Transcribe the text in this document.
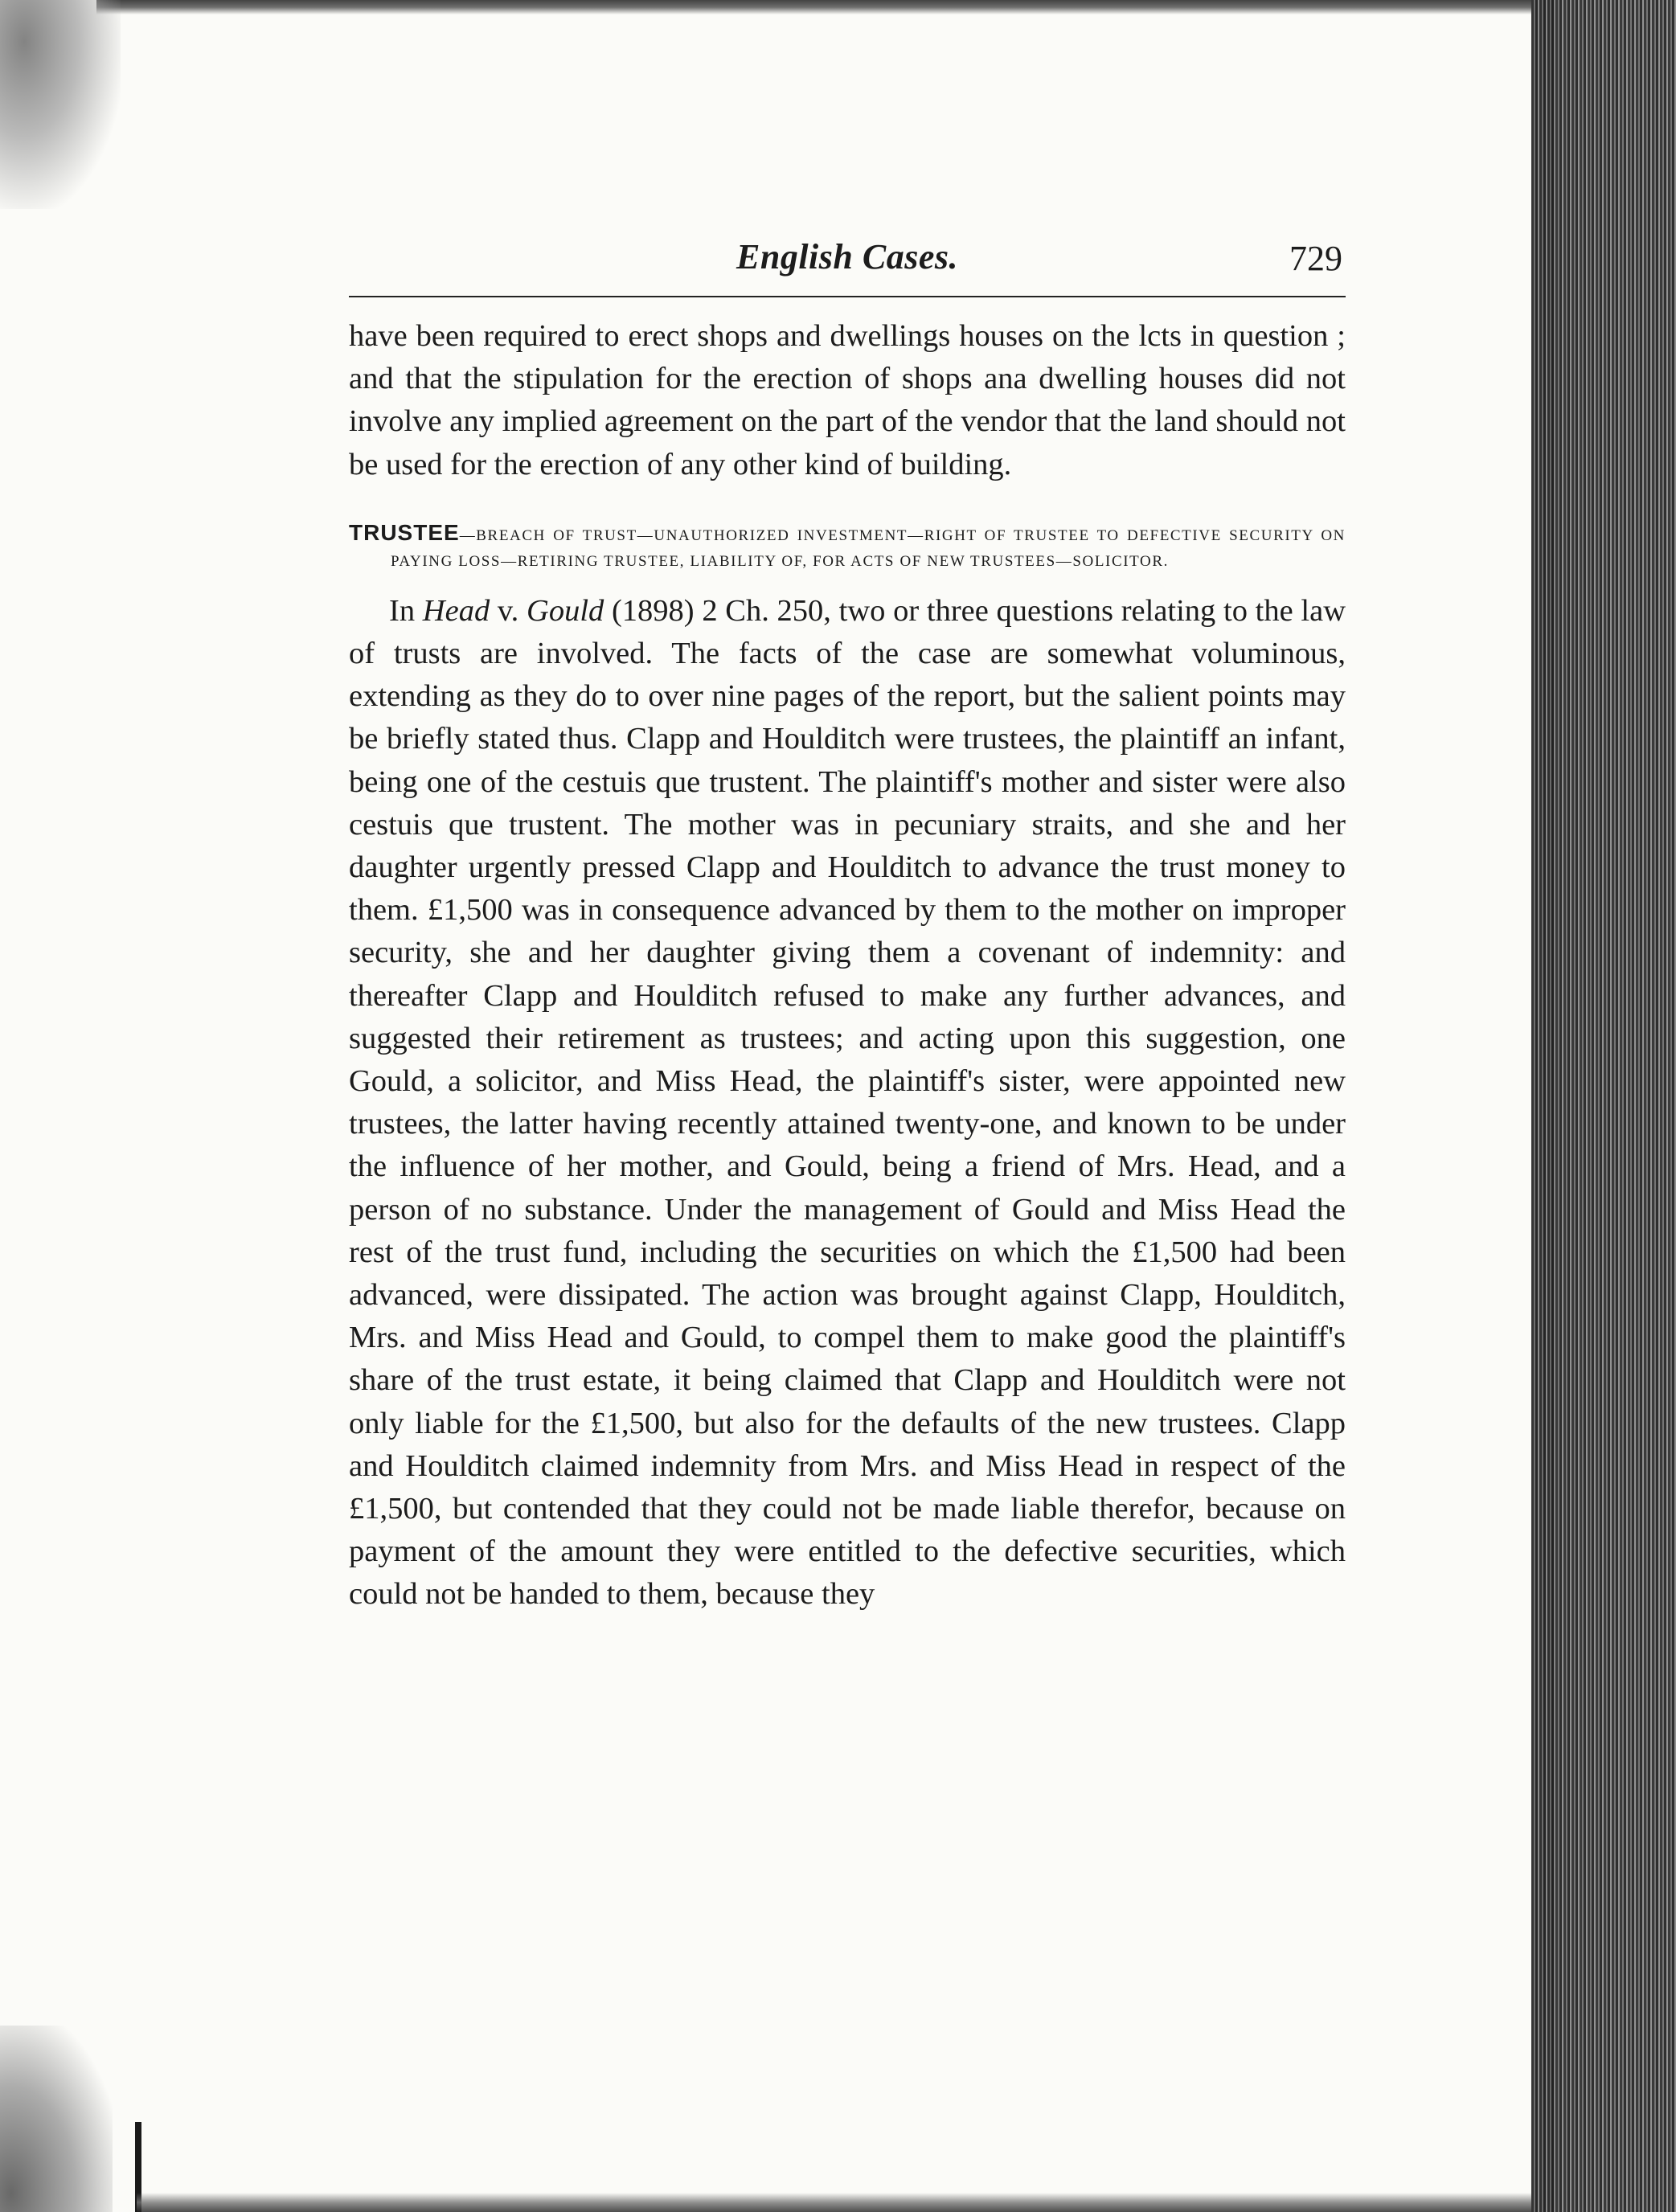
English Cases.	729

have been required to erect shops and dwellings houses on the lcts in question ; and that the stipulation for the erection of shops ana dwelling houses did not involve any implied agreement on the part of the vendor that the land should not be used for the erection of any other kind of building.

TRUSTEE—BREACH OF TRUST—UNAUTHORIZED INVESTMENT—RIGHT OF TRUSTEE TO DEFECTIVE SECURITY ON PAYING LOSS—RETIRING TRUSTEE, LIABILITY OF, FOR ACTS OF NEW TRUSTEES—SOLICITOR.

In Head v. Gould (1898) 2 Ch. 250, two or three questions relating to the law of trusts are involved. The facts of the case are somewhat voluminous, extending as they do to over nine pages of the report, but the salient points may be briefly stated thus. Clapp and Houlditch were trustees, the plaintiff an infant, being one of the cestuis que trustent. The plaintiff's mother and sister were also cestuis que trustent. The mother was in pecuniary straits, and she and her daughter urgently pressed Clapp and Houlditch to advance the trust money to them. £1,500 was in consequence advanced by them to the mother on improper security, she and her daughter giving them a covenant of indemnity: and thereafter Clapp and Houlditch refused to make any further advances, and suggested their retirement as trustees; and acting upon this suggestion, one Gould, a solicitor, and Miss Head, the plaintiff's sister, were appointed new trustees, the latter having recently attained twenty-one, and known to be under the influence of her mother, and Gould, being a friend of Mrs. Head, and a person of no substance. Under the management of Gould and Miss Head the rest of the trust fund, including the securities on which the £1,500 had been advanced, were dissipated. The action was brought against Clapp, Houlditch, Mrs. and Miss Head and Gould, to compel them to make good the plaintiff's share of the trust estate, it being claimed that Clapp and Houlditch were not only liable for the £1,500, but also for the defaults of the new trustees. Clapp and Houlditch claimed indemnity from Mrs. and Miss Head in respect of the £1,500, but contended that they could not be made liable therefor, because on payment of the amount they were entitled to the defective securities, which could not be handed to them, because they
